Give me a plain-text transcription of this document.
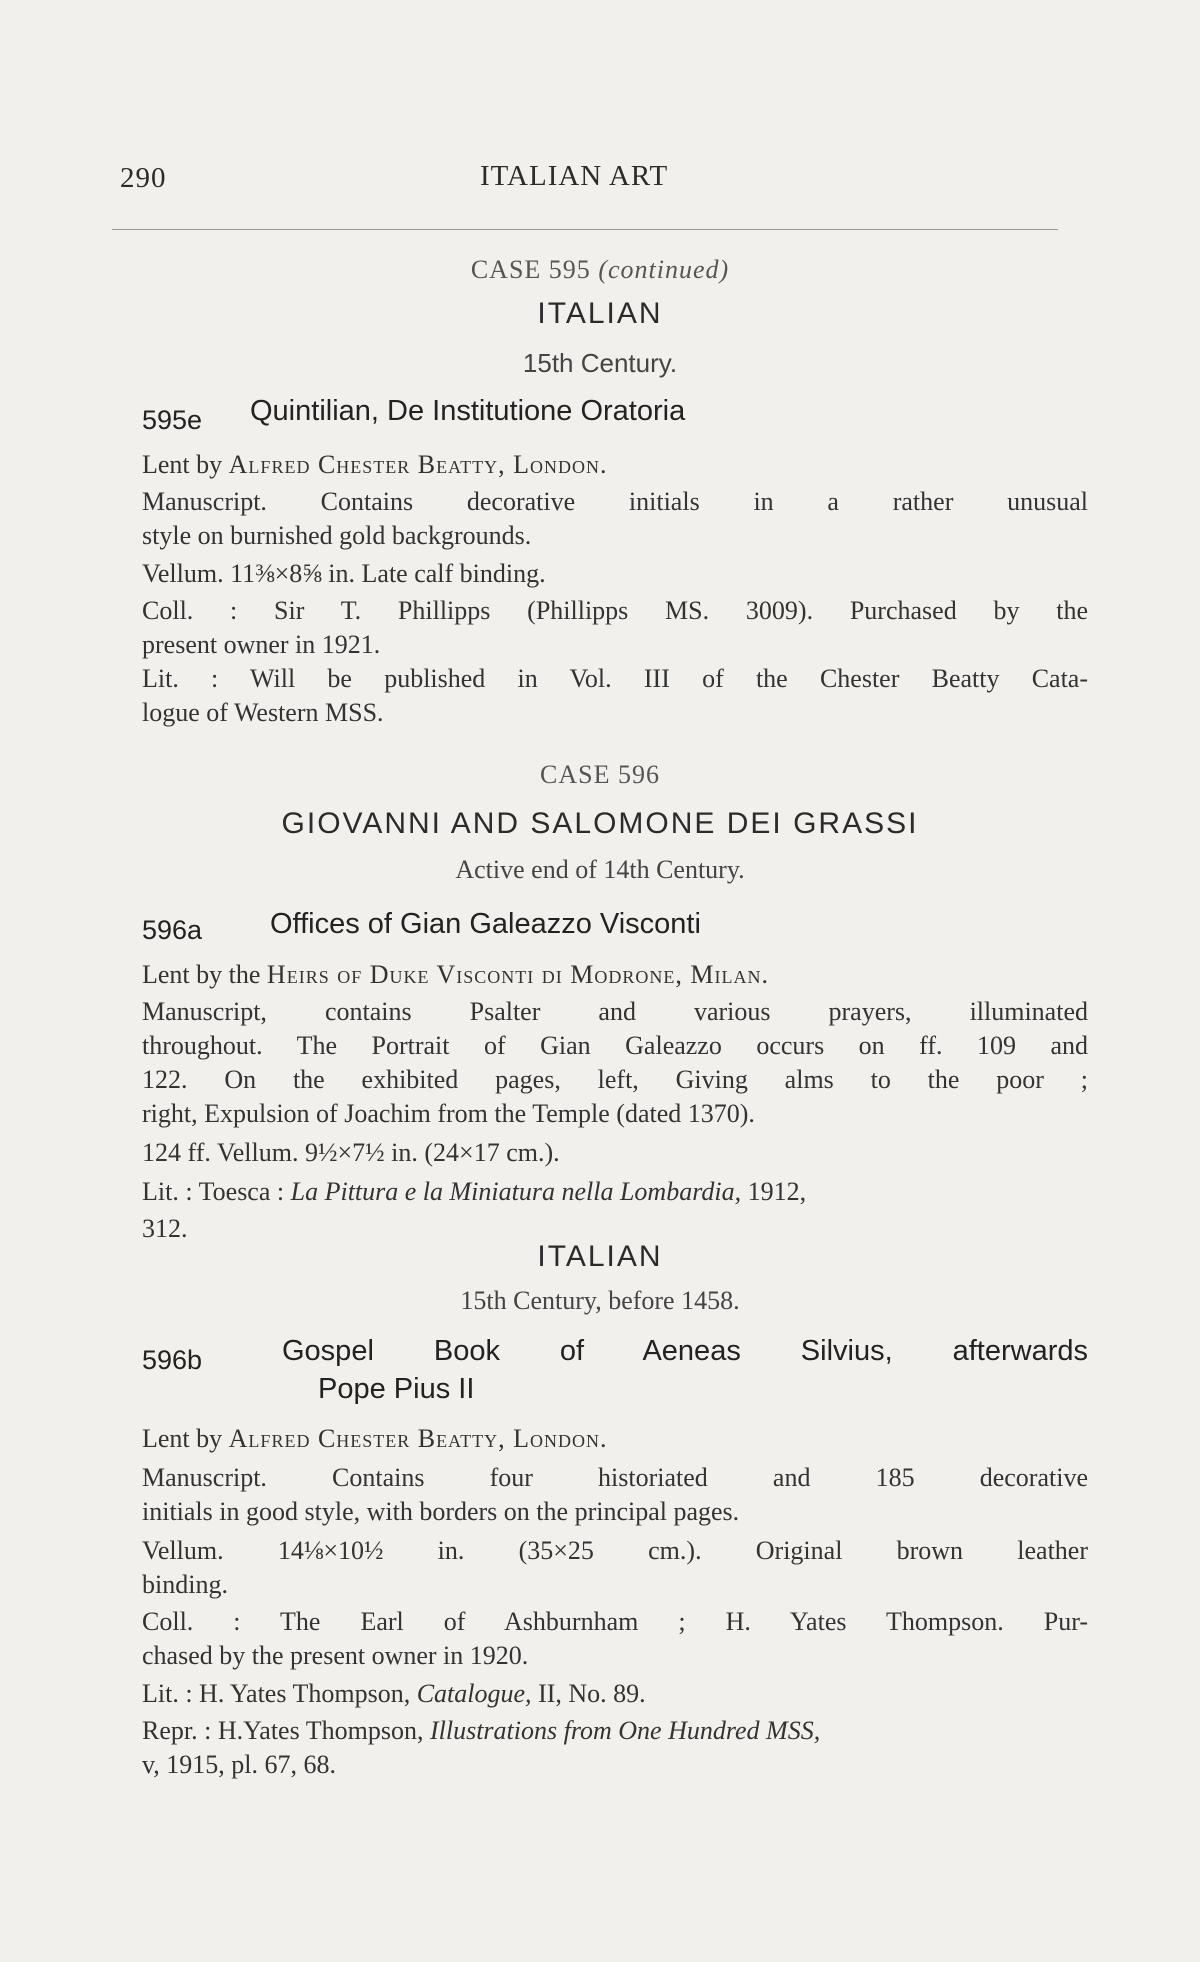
290	ITALIAN ART
CASE 595 (continued)
ITALIAN
15th Century.
595e Quintilian, De Institutione Oratoria
Lent by Alfred Chester Beatty, London.
Manuscript. Contains decorative initials in a rather unusual
style on burnished gold backgrounds.
Vellum. 11⅜×8⅝ in. Late calf binding.
Coll. : Sir T. Phillipps (Phillipps MS. 3009). Purchased by the
present owner in 1921.
Lit. : Will be published in Vol. III of the Chester Beatty Cata-
logue of Western MSS.
CASE 596
GIOVANNI AND SALOMONE DEI GRASSI
Active end of 14th Century.
596a Offices of Gian Galeazzo Visconti
Lent by the Heirs of Duke Visconti di Modrone, Milan.
Manuscript, contains Psalter and various prayers, illuminated
throughout. The Portrait of Gian Galeazzo occurs on ff. 109 and
122. On the exhibited pages, left, Giving alms to the poor ;
right, Expulsion of Joachim from the Temple (dated 1370).
124 ff. Vellum. 9½×7½ in. (24×17 cm.).
Lit. : Toesca : La Pittura e la Miniatura nella Lombardia, 1912,
312.
ITALIAN
15th Century, before 1458.
596b	Gospel Book of Aeneas Silvius, afterwards
Pope Pius II
Lent by Alfred Chester Beatty, London.
Manuscript. Contains four historiated and 185 decorative
initials in good style, with borders on the principal pages.
Vellum. 14⅛×10½ in. (35×25 cm.). Original brown leather
binding.
Coll. : The Earl of Ashburnham ; H. Yates Thompson. Pur-
chased by the present owner in 1920.
Lit. : H. Yates Thompson, Catalogue, II, No. 89.
Repr. : H.Yates Thompson, Illustrations from One Hundred MSS,
v, 1915, pl. 67, 68.
